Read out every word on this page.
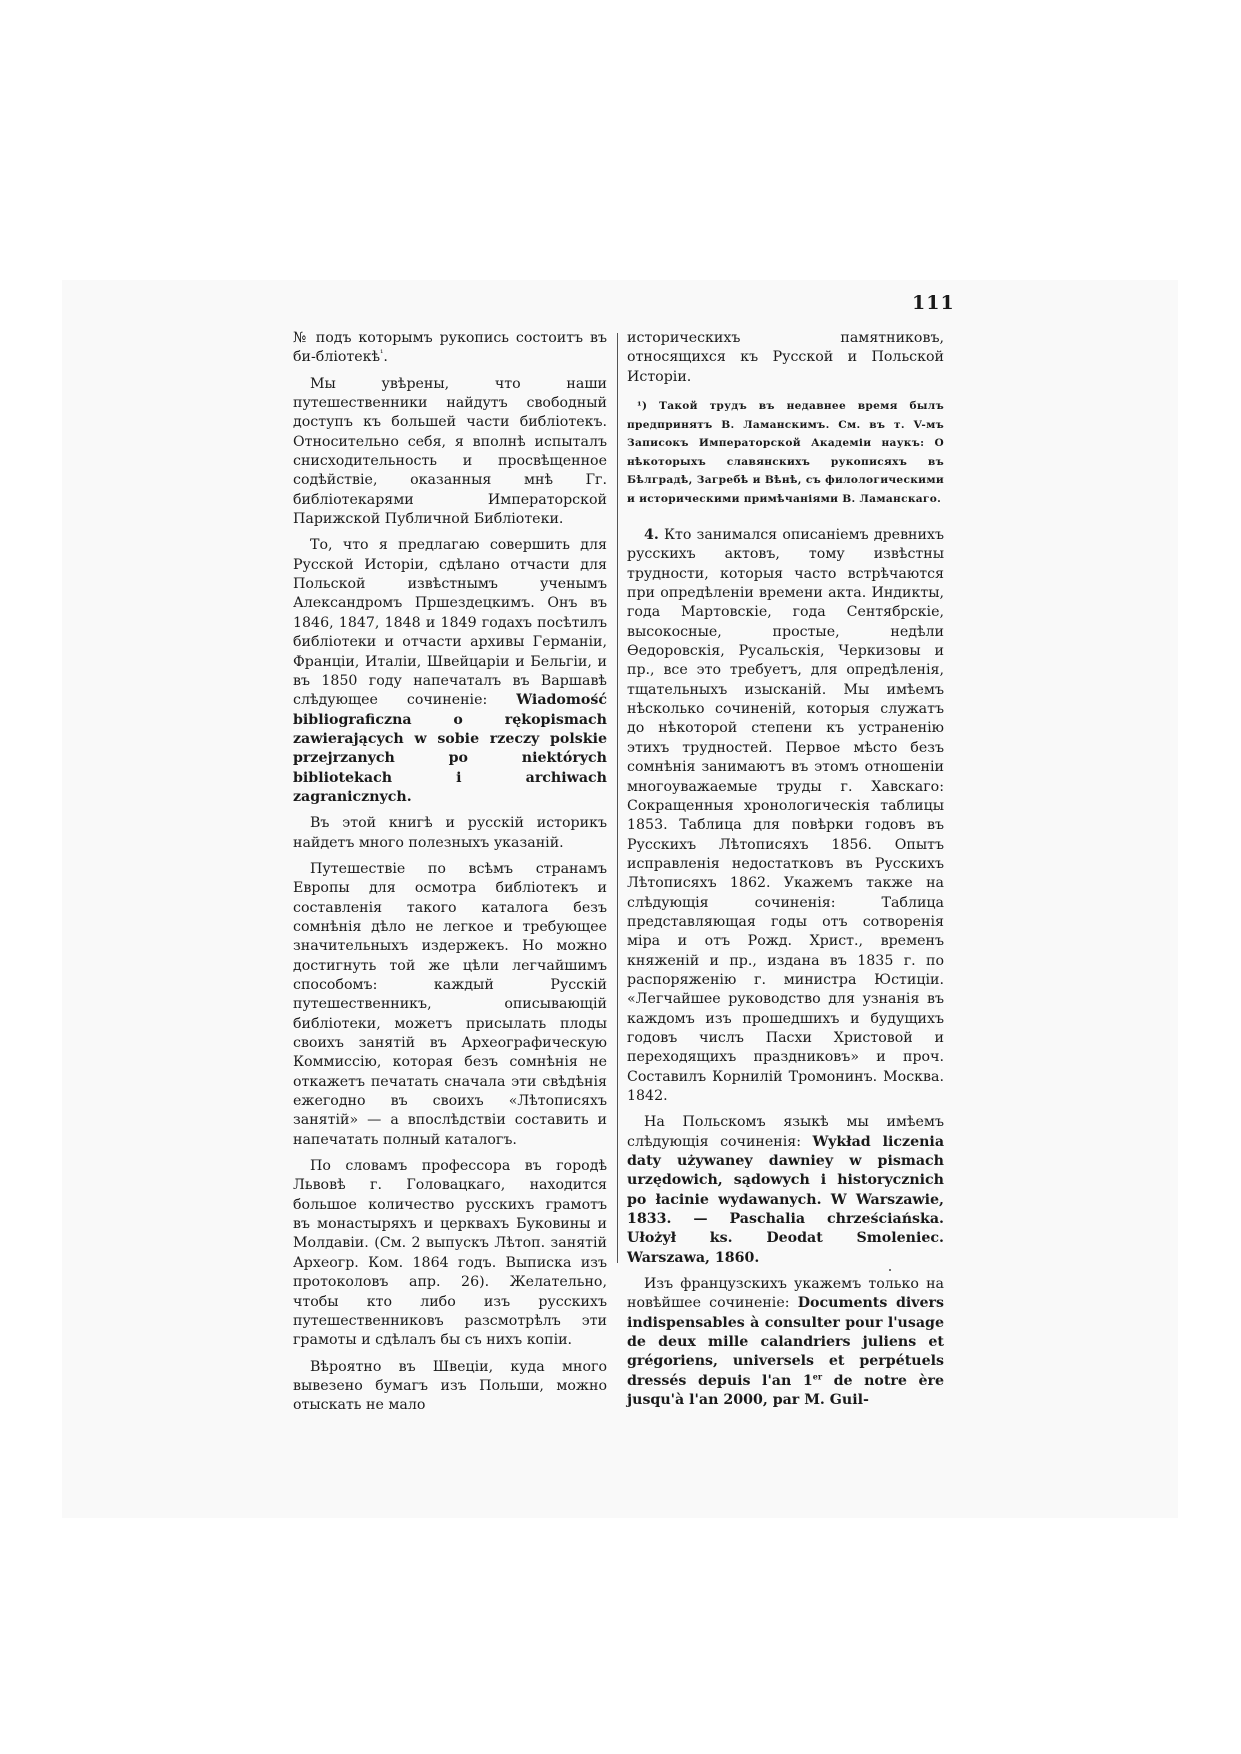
111

№ подъ которымъ рукопись состоитъ въ би-бліотекѣ$^{^1}$.

Мы увѣрены, что наши путешественники найдутъ свободный доступъ къ большей части библіотекъ. Относительно себя, я вполнѣ испыталъ снисходительность и просвѣщенное содѣйствіе, оказанныя мнѣ Гг. библіотекарями Императорской Парижской Публичной Библіотеки.

То, что я предлагаю совершить для Русской Исторіи, сдѣлано отчасти для Польской извѣстнымъ ученымъ Александромъ Пршездецкимъ. Онъ въ 1846, 1847, 1848 и 1849 годахъ посѣтилъ библіотеки и отчасти архивы Германіи, Франціи, Италіи, Швейцаріи и Бельгіи, и въ 1850 году напечаталъ въ Варшавѣ слѣдующее сочиненіе: Wiadomość bibliograficzna o rękopismach zawierających w sobie rzeczy polskie przejrzanych po niektórych bibliotekach i archiwach zagranicznych.

Въ этой книгѣ и русскій историкъ найдетъ много полезныхъ указаній.

Путешествіе по всѣмъ странамъ Европы для осмотра библіотекъ и составленія такого каталога безъ сомнѣнія дѣло не легкое и требующее значительныхъ издержекъ. Но можно достигнуть той же цѣли легчайшимъ способомъ: каждый Русскій путешественникъ, описывающій библіотеки, можетъ присылать плоды своихъ занятій въ Археографическую Коммиссію, которая безъ сомнѣнія не откажетъ печатать сначала эти свѣдѣнія ежегодно въ своихъ «Лѣтописяхъ занятій» — а впослѣдствіи составить и напечатать полный каталогъ.

По словамъ профессора въ городѣ Львовѣ г. Головацкаго, находится большое количество русскихъ грамотъ въ монастыряхъ и церквахъ Буковины и Молдавіи. (См. 2 выпускъ Лѣтоп. занятій Археогр. Ком. 1864 годъ. Выписка изъ протоколовъ апр. 26). Желательно, чтобы кто либо изъ русскихъ путешественниковъ разсмотрѣлъ эти грамоты и сдѣлалъ бы съ нихъ копіи.

Вѣроятно въ Швеціи, куда много вывезено бумагъ изъ Польши, можно отыскать не мало

историческихъ памятниковъ, относящихся къ Русской и Польской Исторіи.

¹) Такой трудъ въ недавнее время былъ предпринятъ В. Ламанскимъ. См. въ т. V-мъ Записокъ Императорской Академіи наукъ: О нѣкоторыхъ славянскихъ рукописяхъ въ Бѣлградѣ, Загребѣ и Вѣнѣ, съ филологическими и историческими примѣчаніями В. Ламанскаго.

4. Кто занимался описаніемъ древнихъ русскихъ актовъ, тому извѣстны трудности, которыя часто встрѣчаются при опредѣленіи времени акта. Индикты, года Мартовскіе, года Сентябрскіе, высокосные, простые, недѣли Ѳедоровскія, Русальскія, Черкизовы и пр., все это требуетъ, для опредѣленія, тщательныхъ изысканій. Мы имѣемъ нѣсколько сочиненій, которыя служатъ до нѣкоторой степени къ устраненію этихъ трудностей. Первое мѣсто безъ сомнѣнія занимаютъ въ этомъ отношеніи многоуважаемые труды г. Хавскаго: Сокращенныя хронологическія таблицы 1853. Таблица для повѣрки годовъ въ Русскихъ Лѣтописяхъ 1856. Опытъ исправленія недостатковъ въ Русскихъ Лѣтописяхъ 1862. Укажемъ также на слѣдующія сочиненія: Таблица представляющая годы отъ сотворенія міра и отъ Рожд. Христ., временъ княженій и пр., издана въ 1835 г. по распоряженію г. министра Юстиціи. «Легчайшее руководство для узнанія въ каждомъ изъ прошедшихъ и будущихъ годовъ числъ Пасхи Христовой и переходящихъ праздниковъ» и проч. Составилъ Корнилій Тромонинъ. Москва. 1842.

На Польскомъ языкѣ мы имѣемъ слѣдующія сочиненія: Wykład liczenia daty używaney dawniey w pismach urzędowich, sądowych i historycznich po łacinie wydawanych. W Warszawie, 1833. — Paschalia chrześciańska. Ułożył ks. Deodat Smoleniec. Warszawa, 1860.

Изъ французскихъ укажемъ только на новѣйшее сочиненіе: Documents divers indispensables à consulter pour l'usage de deux mille calandriers juliens et grégoriens, universels et perpétuels dressés depuis l'an 1er de notre ère jusqu'à l'an 2000, par M. Guil-
